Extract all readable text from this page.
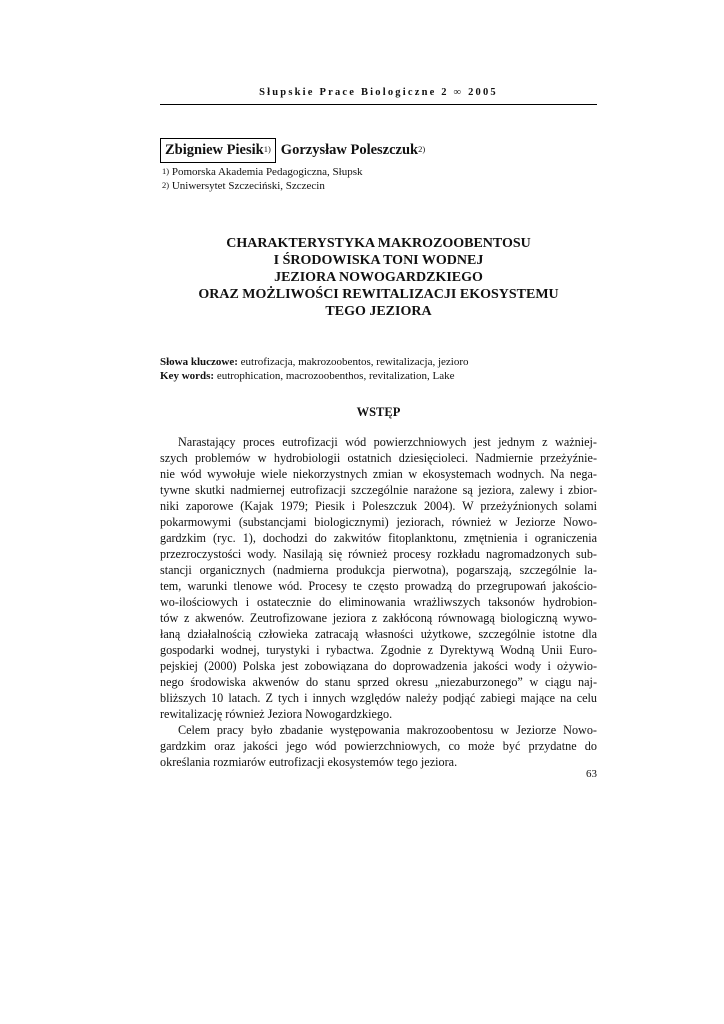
Słupskie Prace Biologiczne 2 ∞ 2005
Zbigniew Piesik$^{1)}$ Gorzysław Poleszczuk$^{2)}$
$^{1)}$ Pomorska Akademia Pedagogiczna, Słupsk
$^{2)}$ Uniwersytet Szczeciński, Szczecin
CHARAKTERYSTYKA MAKROZOOBENTOSU
I ŚRODOWISKA TONI WODNEJ
JEZIORA NOWOGARDZKIEGO
ORAZ MOŻLIWOŚCI REWITALIZACJI EKOSYSTEMU
TEGO JEZIORA
Słowa kluczowe: eutrofizacja, makrozoobentos, rewitalizacja, jezioro
Key words: eutrophication, macrozoobenthos, revitalization, Lake
WSTĘP
Narastający proces eutrofizacji wód powierzchniowych jest jednym z ważniej-
szych problemów w hydrobiologii ostatnich dziesięcioleci. Nadmiernie przeżyźnie-
nie wód wywołuje wiele niekorzystnych zmian w ekosystemach wodnych. Na nega-
tywne skutki nadmiernej eutrofizacji szczególnie narażone są jeziora, zalewy i zbior-
niki zaporowe (Kajak 1979; Piesik i Poleszczuk 2004). W przeżyźnionych solami
pokarmowymi (substancjami biologicznymi) jeziorach, również w Jeziorze Nowo-
gardzkim (ryc. 1), dochodzi do zakwitów fitoplanktonu, zmętnienia i ograniczenia
przezroczystości wody. Nasilają się również procesy rozkładu nagromadzonych sub-
stancji organicznych (nadmierna produkcja pierwotna), pogarszają, szczególnie la-
tem, warunki tlenowe wód. Procesy te często prowadzą do przegrupowań jakościo-
wo-ilościowych i ostatecznie do eliminowania wrażliwszych taksonów hydrobion-
tów z akwenów. Zeutrofizowane jeziora z zakłóconą równowagą biologiczną wywo-
łaną działalnością człowieka zatracają własności użytkowe, szczególnie istotne dla
gospodarki wodnej, turystyki i rybactwa. Zgodnie z Dyrektywą Wodną Unii Euro-
pejskiej (2000) Polska jest zobowiązana do doprowadzenia jakości wody i ożywio-
nego środowiska akwenów do stanu sprzed okresu „niezaburzonego” w ciągu naj-
bliższych 10 latach. Z tych i innych względów należy podjąć zabiegi mające na celu
rewitalizację również Jeziora Nowogardzkiego.
Celem pracy było zbadanie występowania makrozoobentosu w Jeziorze Nowo-
gardzkim oraz jakości jego wód powierzchniowych, co może być przydatne do
określania rozmiarów eutrofizacji ekosystemów tego jeziora.
63
